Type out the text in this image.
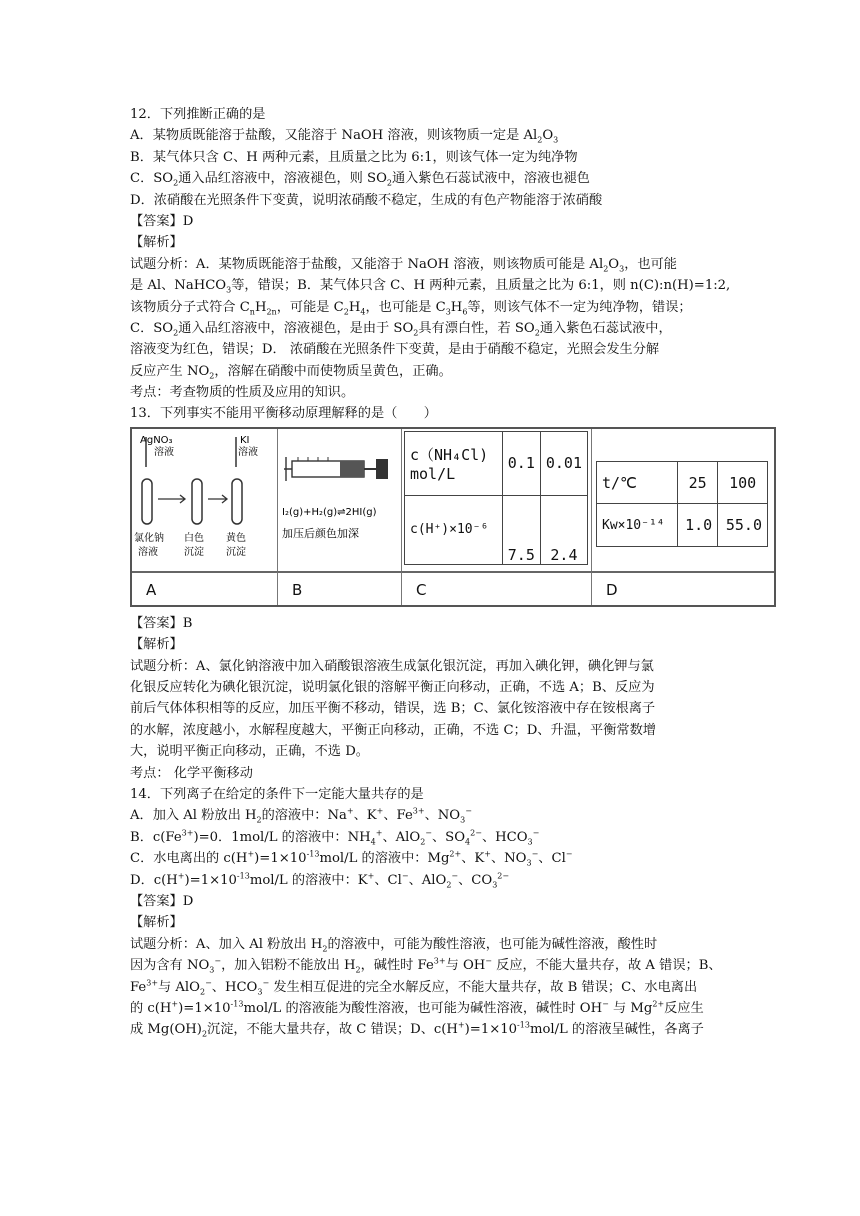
12．下列推断正确的是
A．某物质既能溶于盐酸，又能溶于 NaOH 溶液，则该物质一定是 $Al_2O_3$
B．某气体只含 C、H 两种元素，且质量之比为 6:1，则该气体一定为纯净物
C．$SO_2$通入品红溶液中，溶液褪色，则 $SO_2$通入紫色石蕊试液中，溶液也褪色
D．浓硝酸在光照条件下变黄，说明浓硝酸不稳定，生成的有色产物能溶于浓硝酸
【答案】D
【解析】
试题分析：A．某物质既能溶于盐酸，又能溶于 NaOH 溶液，则该物质可能是 $Al_2O_3$，也可能
是 Al、NaHCO$_3$等，错误；B．某气体只含 C、H 两种元素，且质量之比为 6:1，则 n(C):n(H)=1:2,
该物质分子式符合 $C_nH_{2n}$，可能是 $C_2H_4$，也可能是 $C_3H_6$等，则该气体不一定为纯净物，错误；
C．$SO_2$通入品红溶液中，溶液褪色，是由于 $SO_2$具有漂白性，若 $SO_2$通入紫色石蕊试液中，
溶液变为红色，错误；D． 浓硝酸在光照条件下变黄，是由于硝酸不稳定，光照会发生分解
反应产生 $NO_2$，溶解在硝酸中而使物质呈黄色，正确。
考点：考查物质的性质及应用的知识。
13．下列事实不能用平衡移动原理解释的是（　　）
AgNO₃
溶液
KI
溶液
氯化钠
溶液
白色
沉淀
黄色
沉淀
I₂(g)+H₂(g)⇌2HI(g)
加压后颜色加深
c（NH₄Cl)
mol/L	0.1	0.01
c(H⁺)×10⁻⁶	7.5	2.4
t/℃	25	100
Kw×10⁻¹⁴	1.0	55.0
A	B	C	D
【答案】B
【解析】
试题分析：A、氯化钠溶液中加入硝酸银溶液生成氯化银沉淀，再加入碘化钾，碘化钾与氯
化银反应转化为碘化银沉淀，说明氯化银的溶解平衡正向移动，正确，不选 A；B、反应为
前后气体体积相等的反应，加压平衡不移动，错误，选 B；C、氯化铵溶液中存在铵根离子
的水解，浓度越小，水解程度越大，平衡正向移动，正确，不选 C；D、升温，平衡常数增
大，说明平衡正向移动，正确，不选 D。
考点： 化学平衡移动
14．下列离子在给定的条件下一定能大量共存的是
A．加入 Al 粉放出 $H_2$的溶液中：Na+、K+、$Fe^{3+}$、$NO_3^-$
B．$c(Fe^{3+})=0$．1mol/L 的溶液中：$NH_4^+$、AlO$_2$−、$SO_4^{2-}$、$HCO_3^-$
C．水电离出的 $c(H^+)=1\times 10^{-13}mol/L$ 的溶液中：$Mg^{2+}$、K+、$NO_3^-$、Cl−
D．$c(H^+)=1\times 10^{-13}mol/L$ 的溶液中：K+、Cl−、AlO$_2$−、$CO_3^{2-}$
【答案】D
【解析】
试题分析：A、加入 Al 粉放出 $H_2$的溶液中，可能为酸性溶液，也可能为碱性溶液，酸性时
因为含有 $NO_3^-$，加入铝粉不能放出 $H_2$，碱性时 $Fe^{3+}$与 OH− 反应，不能大量共存，故 A 错误；B、
$Fe^{3+}$与 AlO$_2$−、$HCO_3^-$ 发生相互促进的完全水解反应，不能大量共存，故 B 错误；C、水电离出
的 $c(H^+)=1\times 10^{-13}mol/L$ 的溶液能为酸性溶液，也可能为碱性溶液，碱性时 OH− 与 $Mg^{2+}$反应生
成 $Mg(OH)_2$沉淀，不能大量共存，故 C 错误；D、$c(H^+)=1\times 10^{-13}mol/L$ 的溶液呈碱性，各离子
